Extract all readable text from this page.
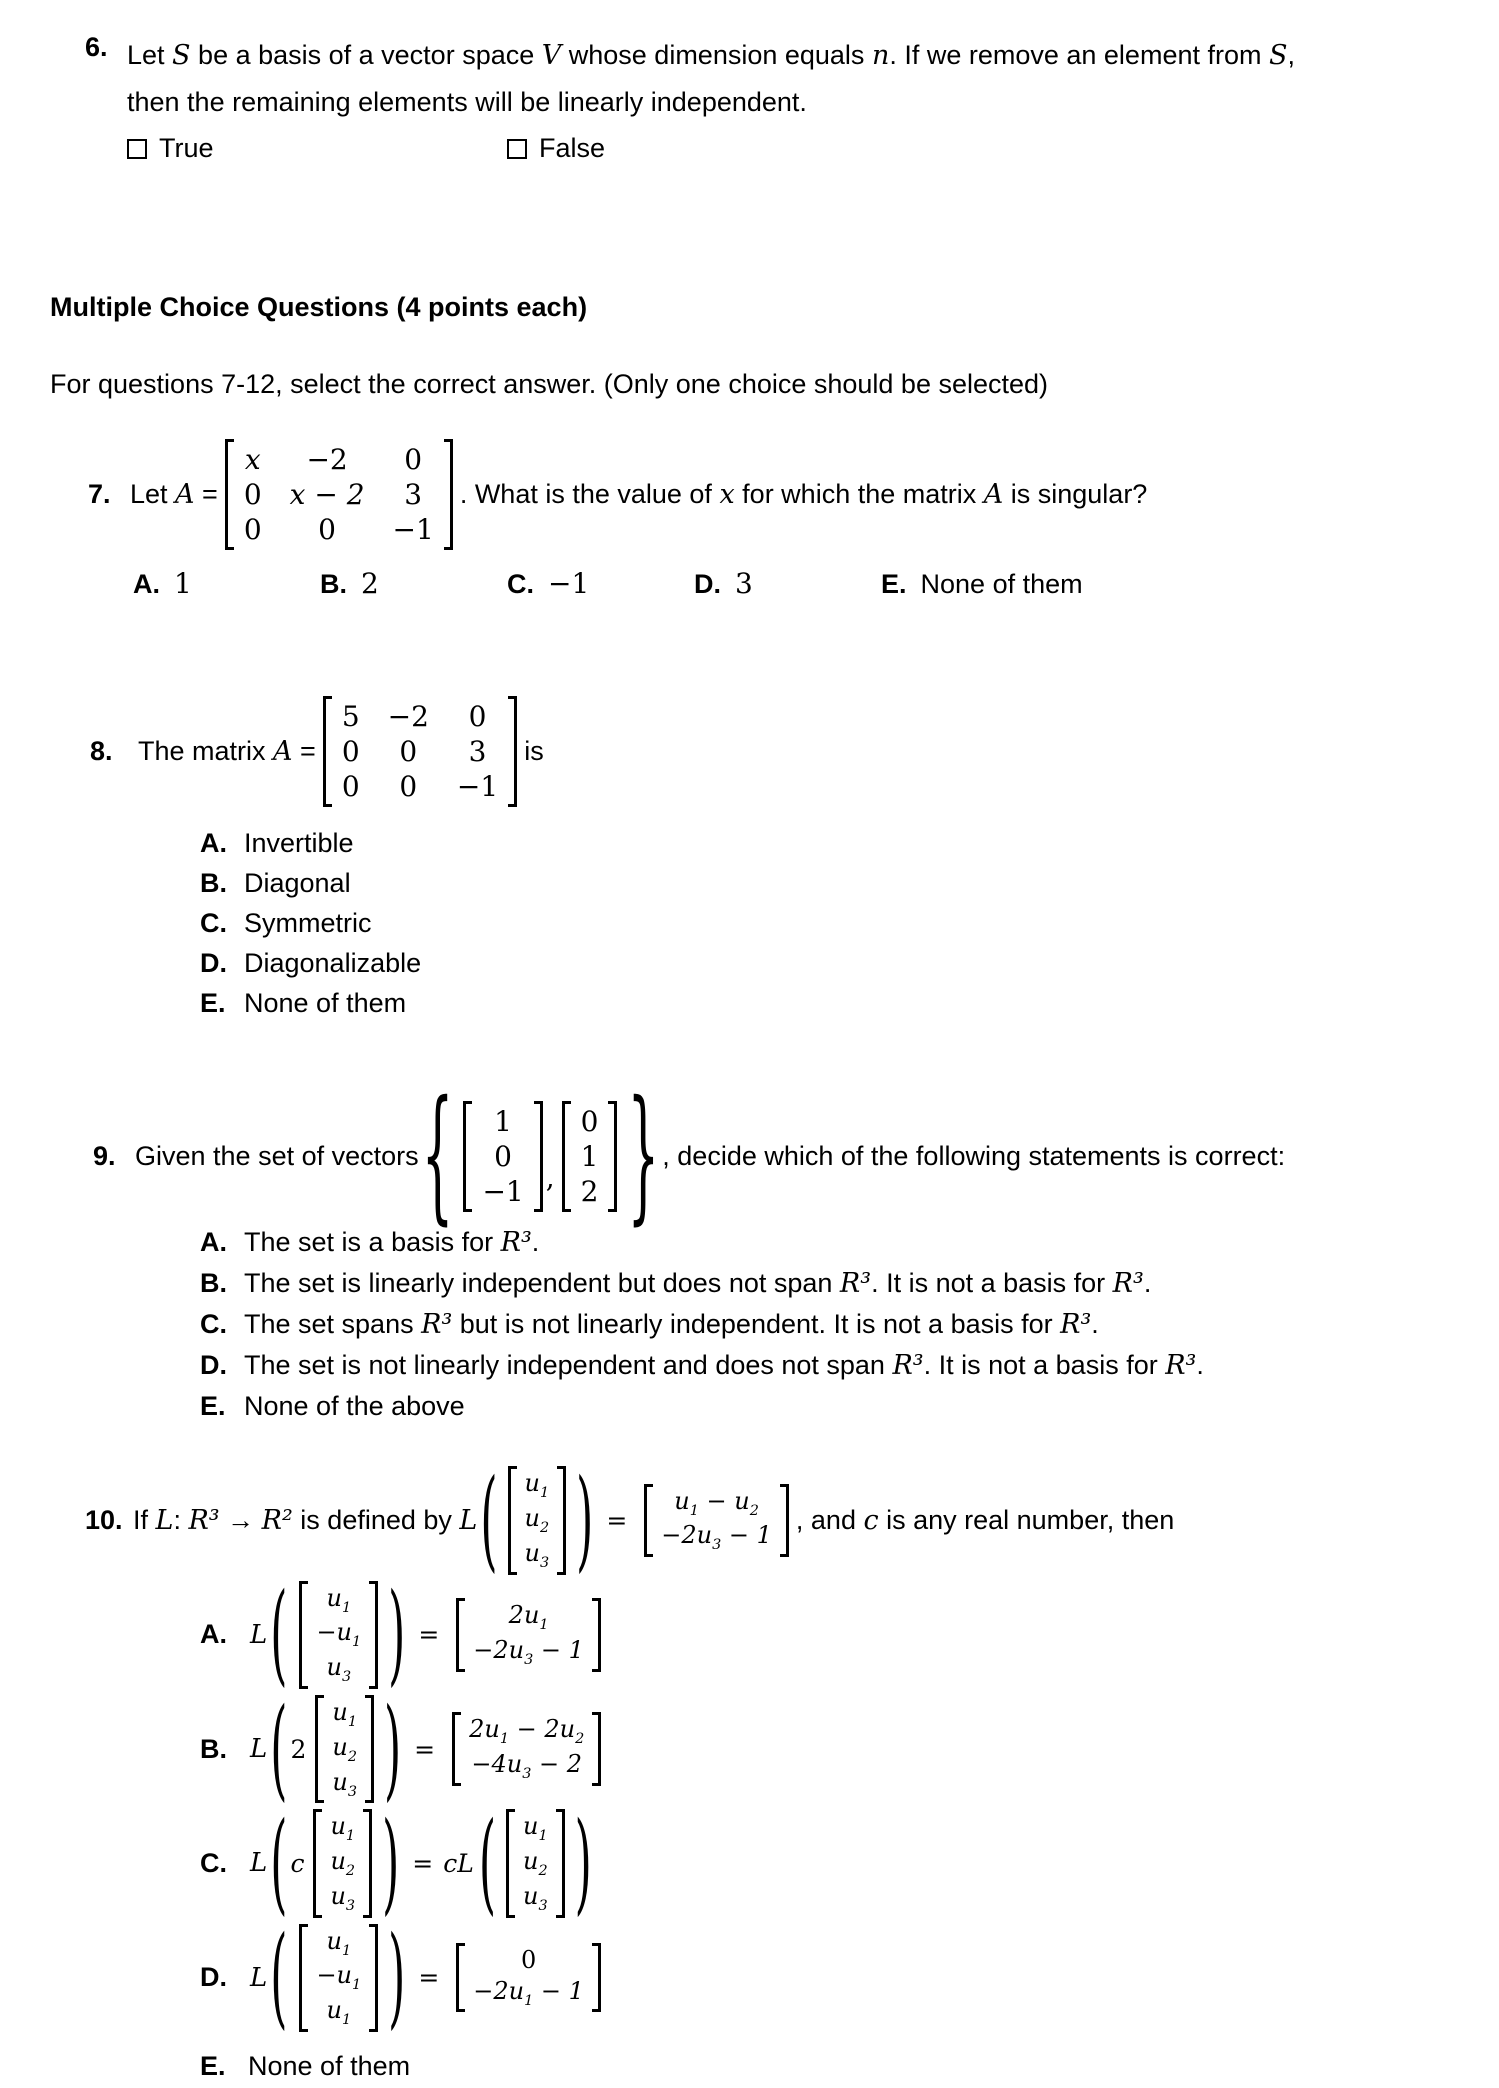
6. Let S be a basis of a vector space V whose dimension equals n. If we remove an element from S,
then the remaining elements will be linearly independent.
True	False
Multiple Choice Questions (4 points each)

For questions 7-12, select the correct answer. (Only one choice should be selected)

7. Let A =
x	−2	0
0 x − 2	3
0	0	−1
. What is the value of x for which the matrix A is singular?
A. 1	B. 2	C. −1	D. 3	E. None of them
8. The matrix A =
5 −2	0
0	0	3
0	0	−1
is
A. Invertible
B. Diagonal
C. Symmetric
D. Diagonalizable
E. None of them
9. Given the set of vectors {	1
0
−1 ,
0
1
2 } , decide which of the following statements is correct:
A. The set is a basis for R³.
B. The set is linearly independent but does not span R³. It is not a basis for R³.
C. The set spans R³ but is not linearly independent. It is not a basis for R³.
D. The set is not linearly independent and does not span R³. It is not a basis for R³.
E. None of the above
10. If L: R³ → R² is defined by L ( $u_1$
$u_2$
$u_3$ ) =
$u_1 - u_2$
$-2u_3 - 1$
, and c is any real number, then
A. L (	$u_1$
$-u_1$
$u_3$ ) =
$2u_1$
$-2u_3 - 1$
B. L ( 2
$u_1$
$u_2$
$u_3$ ) =
$2u_1 - 2u_2$
$-4u_3 - 2$
C. L ( c
$u_1$
$u_2$
$u_3$ ) = cL ( $u_1$
$u_2$
$u_3$ )
D. L (	$u_1$
$-u_1$
$u_1$ ) =
0
$-2u_1 - 1$
E. None of them
